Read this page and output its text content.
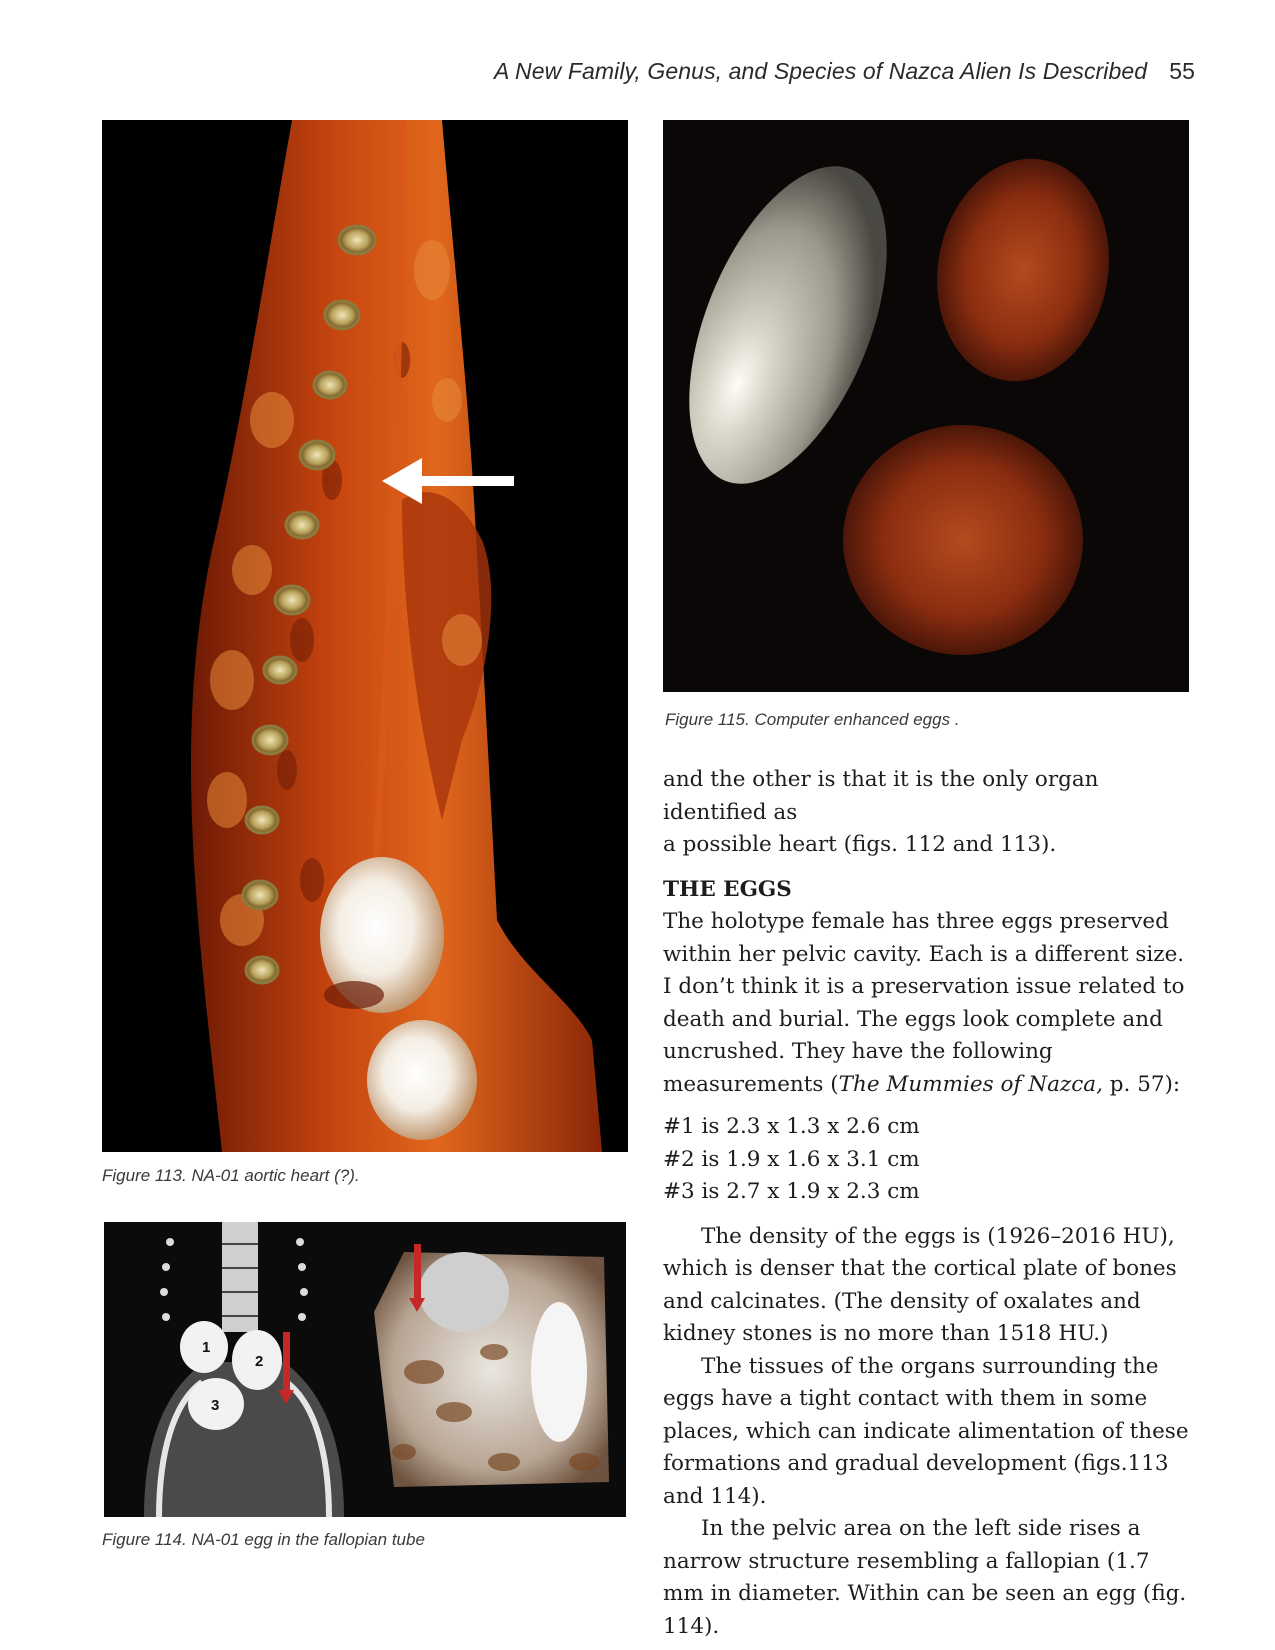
A New Family, Genus, and Species of Nazca Alien Is Described 55
Figure 113. NA-01 aortic heart (?).
Figure 115. Computer enhanced eggs .
1
2
3
Figure 114. NA-01 egg in the fallopian tube

and the other is that it is the only organ identified as
a possible heart (figs. 112 and 113).

THE EGGS

The holotype female has three eggs preserved within her pelvic cavity. Each is a different size. I don’t think it is a preservation issue related to death and burial. The eggs look complete and uncrushed. They have the following measurements (The Mummies of Nazca, p. 57):

#1 is 2.3 x 1.3 x 2.6 cm
#2 is 1.9 x 1.6 x 3.1 cm
#3 is 2.7 x 1.9 x 2.3 cm

The density of the eggs is (1926–2016 HU), which is denser that the cortical plate of bones and calcinates. (The density of oxalates and kidney stones is no more than 1518 HU.)

The tissues of the organs surrounding the eggs have a tight contact with them in some places, which can indicate alimentation of these formations and gradual development (figs.113 and 114).

In the pelvic area on the left side rises a narrow structure resembling a fallopian (1.7 mm in diameter. Within can be seen an egg (fig. 114).
